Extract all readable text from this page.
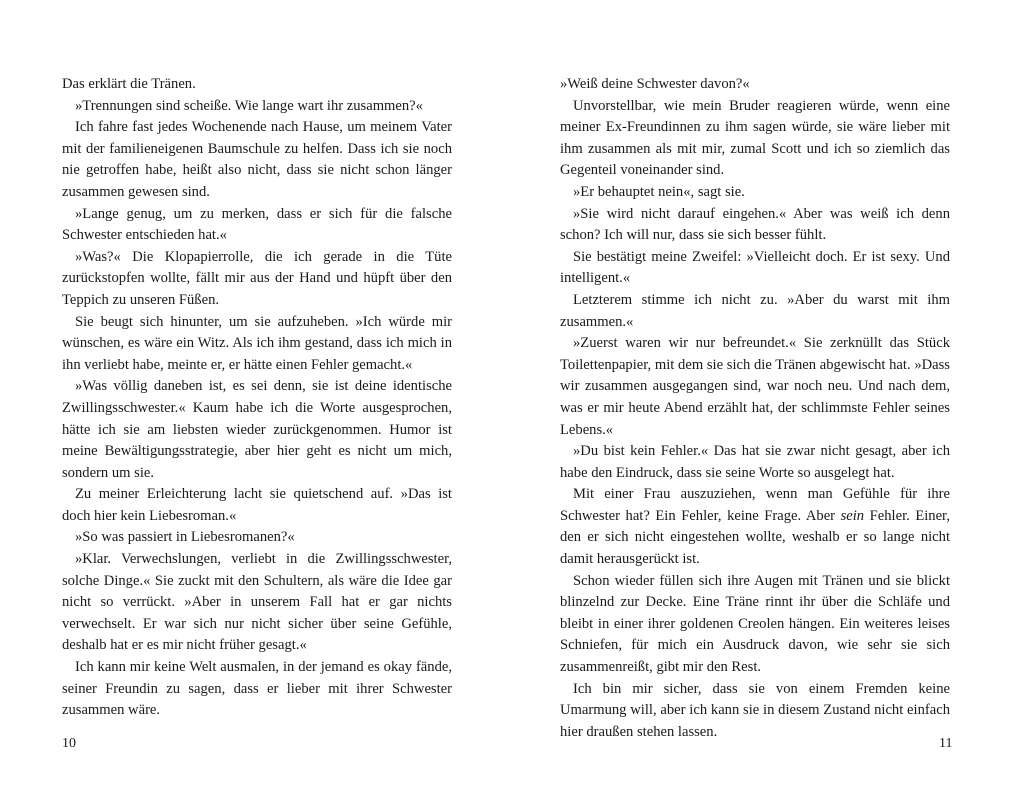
Das erklärt die Tränen.

»Trennungen sind scheiße. Wie lange wart ihr zusammen?«

Ich fahre fast jedes Wochenende nach Hause, um meinem Vater mit der familieneigenen Baumschule zu helfen. Dass ich sie noch nie getroffen habe, heißt also nicht, dass sie nicht schon länger zusammen gewesen sind.

»Lange genug, um zu merken, dass er sich für die falsche Schwester entschieden hat.«

»Was?« Die Klopapierrolle, die ich gerade in die Tüte zurückstopfen wollte, fällt mir aus der Hand und hüpft über den Teppich zu unseren Füßen.

Sie beugt sich hinunter, um sie aufzuheben. »Ich würde mir wünschen, es wäre ein Witz. Als ich ihm gestand, dass ich mich in ihn verliebt habe, meinte er, er hätte einen Fehler gemacht.«

»Was völlig daneben ist, es sei denn, sie ist deine identische Zwillingsschwester.« Kaum habe ich die Worte ausgesprochen, hätte ich sie am liebsten wieder zurückgenommen. Humor ist meine Bewältigungsstrategie, aber hier geht es nicht um mich, sondern um sie.

Zu meiner Erleichterung lacht sie quietschend auf. »Das ist doch hier kein Liebesroman.«

»So was passiert in Liebesromanen?«

»Klar. Verwechslungen, verliebt in die Zwillingsschwester, solche Dinge.« Sie zuckt mit den Schultern, als wäre die Idee gar nicht so verrückt. »Aber in unserem Fall hat er gar nichts verwechselt. Er war sich nur nicht sicher über seine Gefühle, deshalb hat er es mir nicht früher gesagt.«

Ich kann mir keine Welt ausmalen, in der jemand es okay fände, seiner Freundin zu sagen, dass er lieber mit ihrer Schwester zusammen wäre.

»Weiß deine Schwester davon?«

Unvorstellbar, wie mein Bruder reagieren würde, wenn eine meiner Ex-Freundinnen zu ihm sagen würde, sie wäre lieber mit ihm zusammen als mit mir, zumal Scott und ich so ziemlich das Gegenteil voneinander sind.

»Er behauptet nein«, sagt sie.

»Sie wird nicht darauf eingehen.« Aber was weiß ich denn schon? Ich will nur, dass sie sich besser fühlt.

Sie bestätigt meine Zweifel: »Vielleicht doch. Er ist sexy. Und intelligent.«

Letzterem stimme ich nicht zu. »Aber du warst mit ihm zusammen.«

»Zuerst waren wir nur befreundet.« Sie zerknüllt das Stück Toilettenpapier, mit dem sie sich die Tränen abgewischt hat. »Dass wir zusammen ausgegangen sind, war noch neu. Und nach dem, was er mir heute Abend erzählt hat, der schlimmste Fehler seines Lebens.«

»Du bist kein Fehler.« Das hat sie zwar nicht gesagt, aber ich habe den Eindruck, dass sie seine Worte so ausgelegt hat.

Mit einer Frau auszuziehen, wenn man Gefühle für ihre Schwester hat? Ein Fehler, keine Frage. Aber sein Fehler. Einer, den er sich nicht eingestehen wollte, weshalb er so lange nicht damit herausgerückt ist.

Schon wieder füllen sich ihre Augen mit Tränen und sie blickt blinzelnd zur Decke. Eine Träne rinnt ihr über die Schläfe und bleibt in einer ihrer goldenen Creolen hängen. Ein weiteres leises Schniefen, für mich ein Ausdruck davon, wie sehr sie sich zusammenreißt, gibt mir den Rest.

Ich bin mir sicher, dass sie von einem Fremden keine Umarmung will, aber ich kann sie in diesem Zustand nicht einfach hier draußen stehen lassen.

10	11
